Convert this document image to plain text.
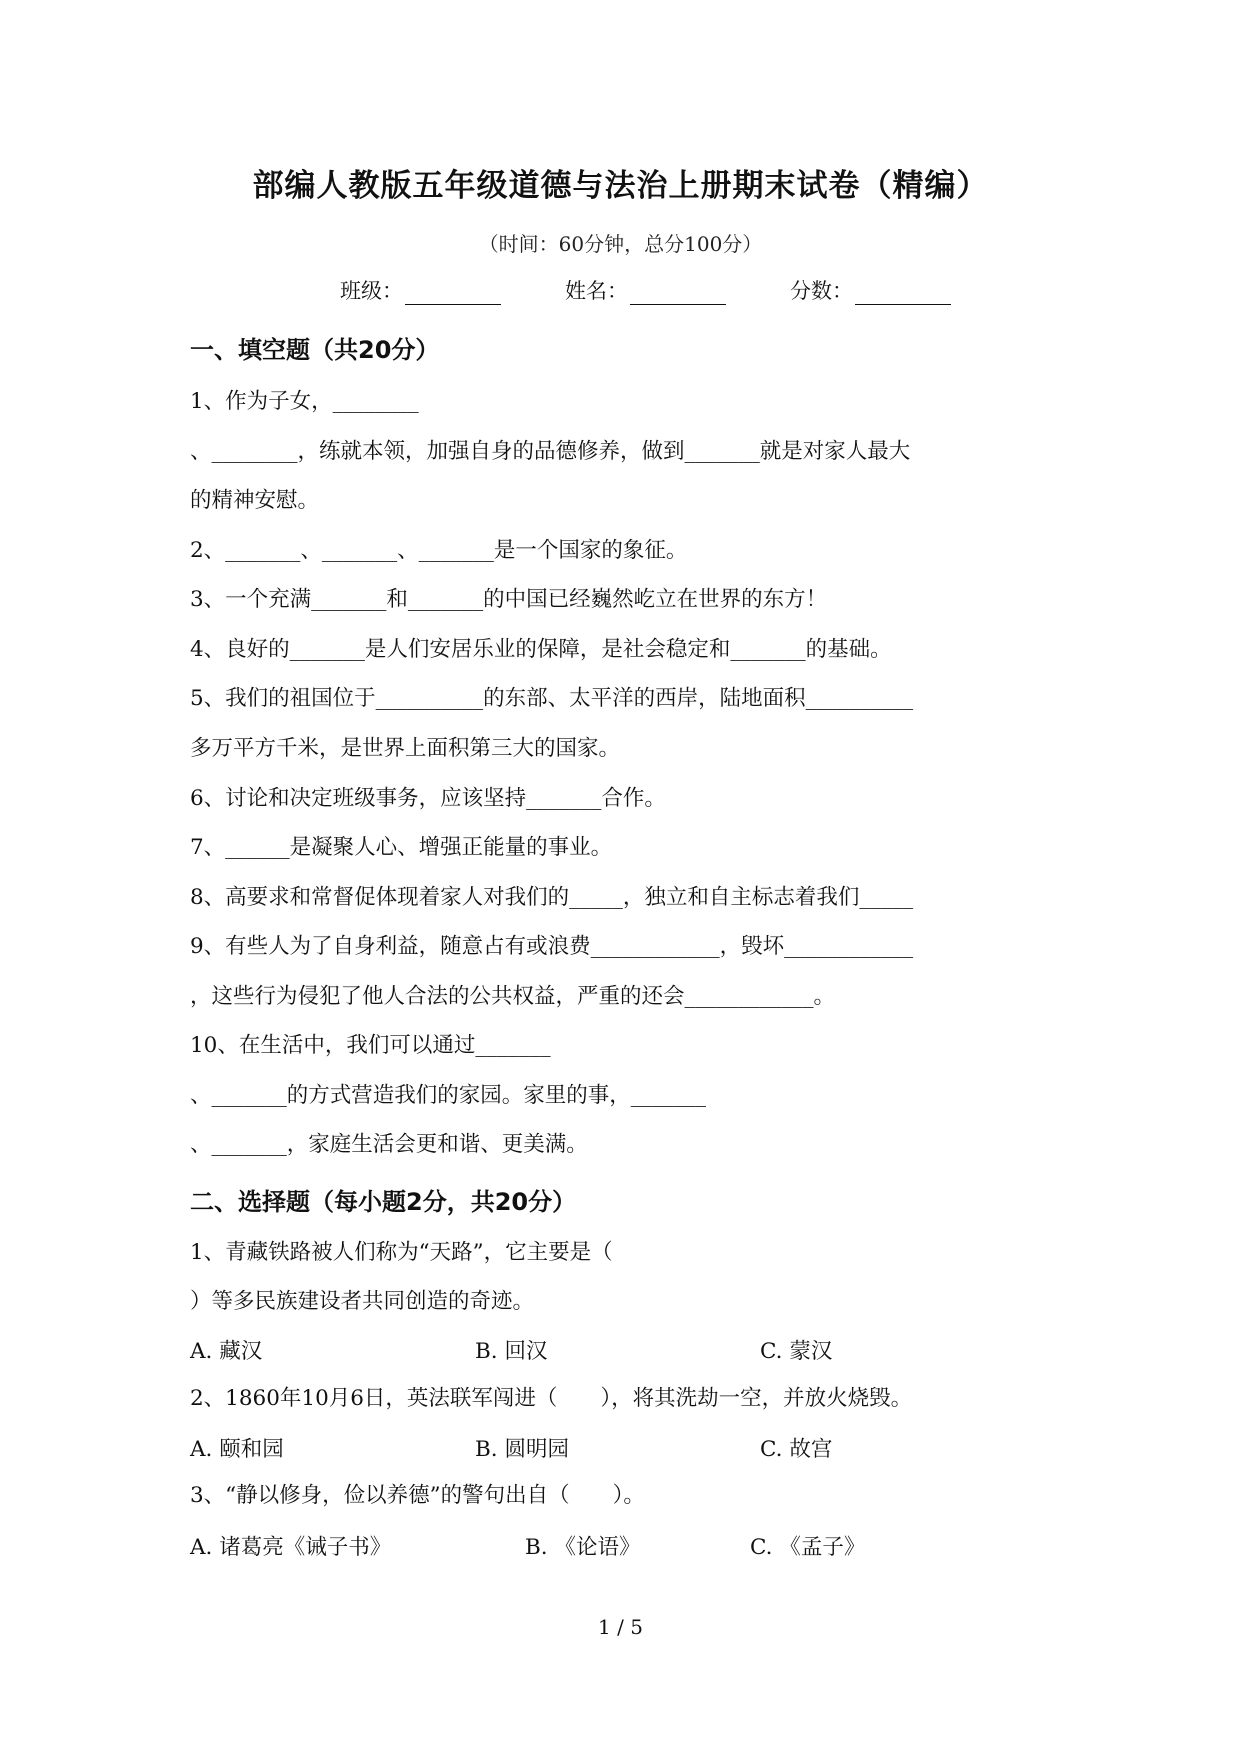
部编人教版五年级道德与法治上册期末试卷（精编）
（时间：60分钟，总分100分）
班级：	姓名：	分数：
一、填空题（共20分）
1、作为子女，________
、________，练就本领，加强自身的品德修养，做到_______就是对家人最大
的精神安慰。
2、_______、_______、_______是一个国家的象征。
3、一个充满_______和_______的中国已经巍然屹立在世界的东方！
4、良好的_______是人们安居乐业的保障，是社会稳定和_______的基础。
5、我们的祖国位于__________的东部、太平洋的西岸，陆地面积__________
多万平方千米，是世界上面积第三大的国家。
6、讨论和决定班级事务，应该坚持_______合作。
7、______是凝聚人心、增强正能量的事业。
8、高要求和常督促体现着家人对我们的_____，独立和自主标志着我们_____
9、有些人为了自身利益，随意占有或浪费____________，毁坏____________
，这些行为侵犯了他人合法的公共权益，严重的还会____________。
10、在生活中，我们可以通过_______
、_______的方式营造我们的家园。家里的事，_______
、_______，家庭生活会更和谐、更美满。
二、选择题（每小题2分，共20分）
1、青藏铁路被人们称为“天路”，它主要是（
）等多民族建设者共同创造的奇迹。
A. 藏汉	B. 回汉	C. 蒙汉
2、1860年10月6日，英法联军闯进（　　），将其洗劫一空，并放火烧毁。
A. 颐和园	B. 圆明园	C. 故宫
3、“静以修身，俭以养德”的警句出自（　　）。
A. 诸葛亮《诫子书》	B. 《论语》	C. 《孟子》
1 / 5
